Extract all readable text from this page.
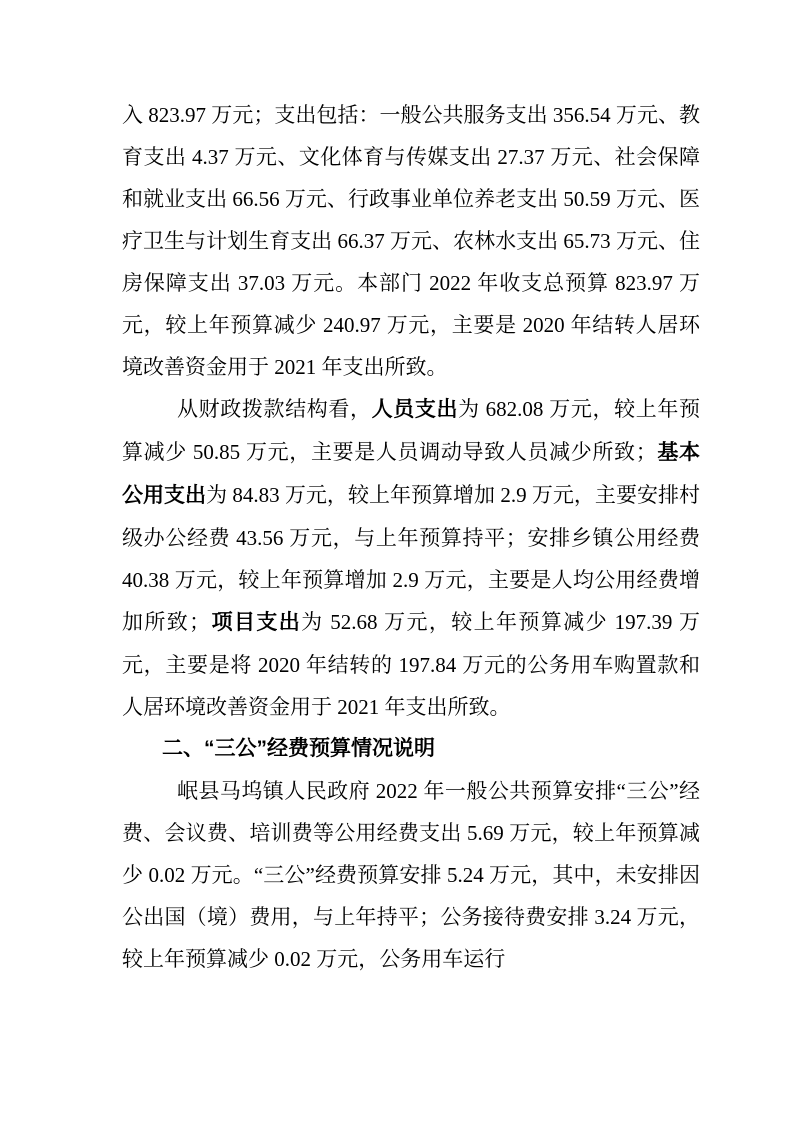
入 823.97 万元；支出包括：一般公共服务支出 356.54 万元、教育支出 4.37 万元、文化体育与传媒支出 27.37 万元、社会保障和就业支出 66.56 万元、行政事业单位养老支出 50.59 万元、医疗卫生与计划生育支出 66.37 万元、农林水支出 65.73 万元、住房保障支出 37.03 万元。本部门 2022 年收支总预算 823.97 万元，较上年预算减少 240.97 万元，主要是 2020 年结转人居环境改善资金用于 2021 年支出所致。

从财政拨款结构看，人员支出为 682.08 万元，较上年预算减少 50.85 万元，主要是人员调动导致人员减少所致；基本公用支出为 84.83 万元，较上年预算增加 2.9 万元，主要安排村级办公经费 43.56 万元，与上年预算持平；安排乡镇公用经费 40.38 万元，较上年预算增加 2.9 万元，主要是人均公用经费增加所致；项目支出为 52.68 万元，较上年预算减少 197.39 万元，主要是将 2020 年结转的 197.84 万元的公务用车购置款和人居环境改善资金用于 2021 年支出所致。

二、“三公”经费预算情况说明

岷县马坞镇人民政府 2022 年一般公共预算安排“三公”经费、会议费、培训费等公用经费支出 5.69 万元，较上年预算减少 0.02 万元。“三公”经费预算安排 5.24 万元，其中，未安排因公出国（境）费用，与上年持平；公务接待费安排 3.24 万元，较上年预算减少 0.02 万元，公务用车运行
